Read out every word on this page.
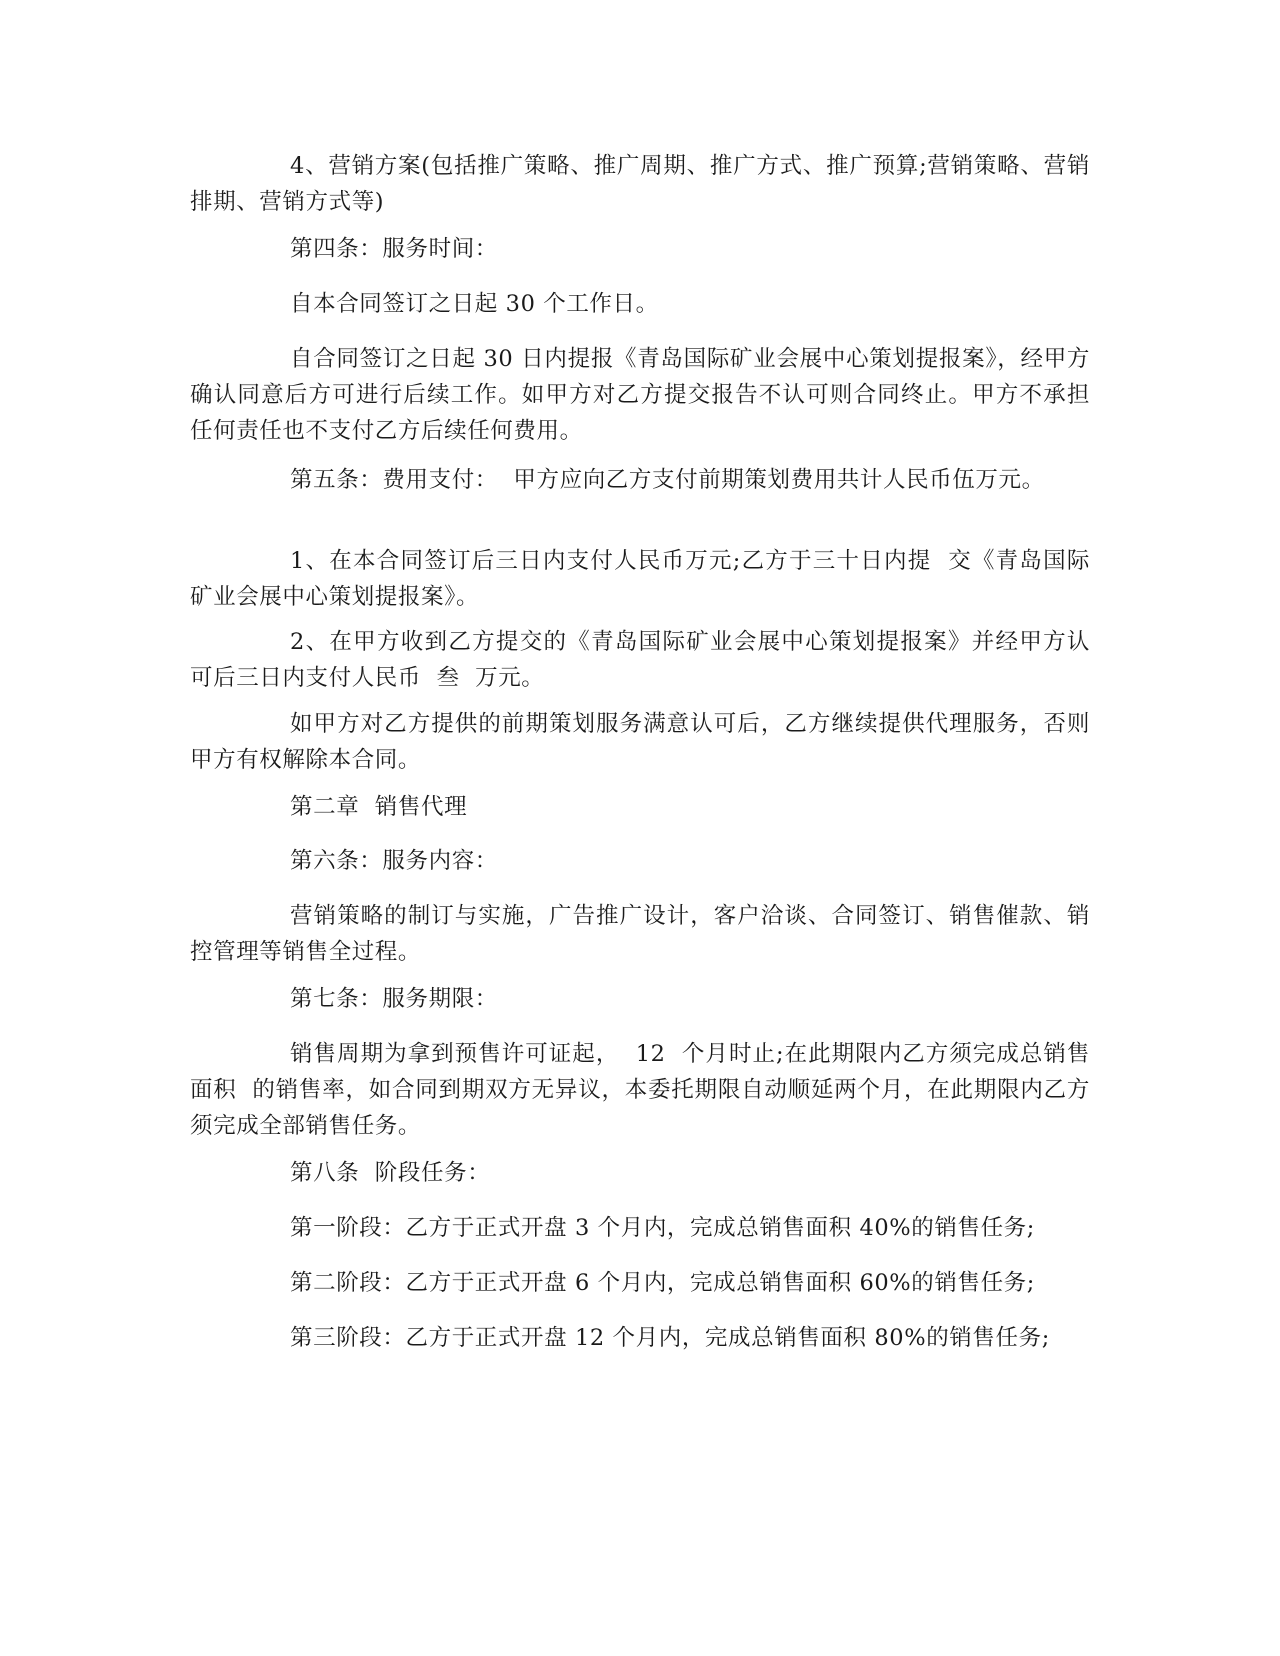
4、营销方案(包括推广策略、推广周期、推广方式、推广预算;营销策略、营销排期、营销方式等)

第四条：服务时间：

自本合同签订之日起 30 个工作日。

自合同签订之日起 30 日内提报《青岛国际矿业会展中心策划提报案》，经甲方确认同意后方可进行后续工作。如甲方对乙方提交报告不认可则合同终止。甲方不承担任何责任也不支付乙方后续任何费用。

第五条：费用支付：  甲方应向乙方支付前期策划费用共计人民币伍万元。

1、在本合同签订后三日内支付人民币万元;乙方于三十日内提  交《青岛国际矿业会展中心策划提报案》。

2、在甲方收到乙方提交的《青岛国际矿业会展中心策划提报案》并经甲方认可后三日内支付人民币  叁  万元。

如甲方对乙方提供的前期策划服务满意认可后，乙方继续提供代理服务，否则甲方有权解除本合同。

第二章  销售代理

第六条：服务内容：

营销策略的制订与实施，广告推广设计，客户洽谈、合同签订、销售催款、销控管理等销售全过程。

第七条：服务期限：

销售周期为拿到预售许可证起，  12  个月时止;在此期限内乙方须完成总销售面积  的销售率，如合同到期双方无异议，本委托期限自动顺延两个月，在此期限内乙方须完成全部销售任务。

第八条  阶段任务：

第一阶段：乙方于正式开盘 3 个月内，完成总销售面积 40%的销售任务;

第二阶段：乙方于正式开盘 6 个月内，完成总销售面积 60%的销售任务;

第三阶段：乙方于正式开盘 12 个月内，完成总销售面积 80%的销售任务;
